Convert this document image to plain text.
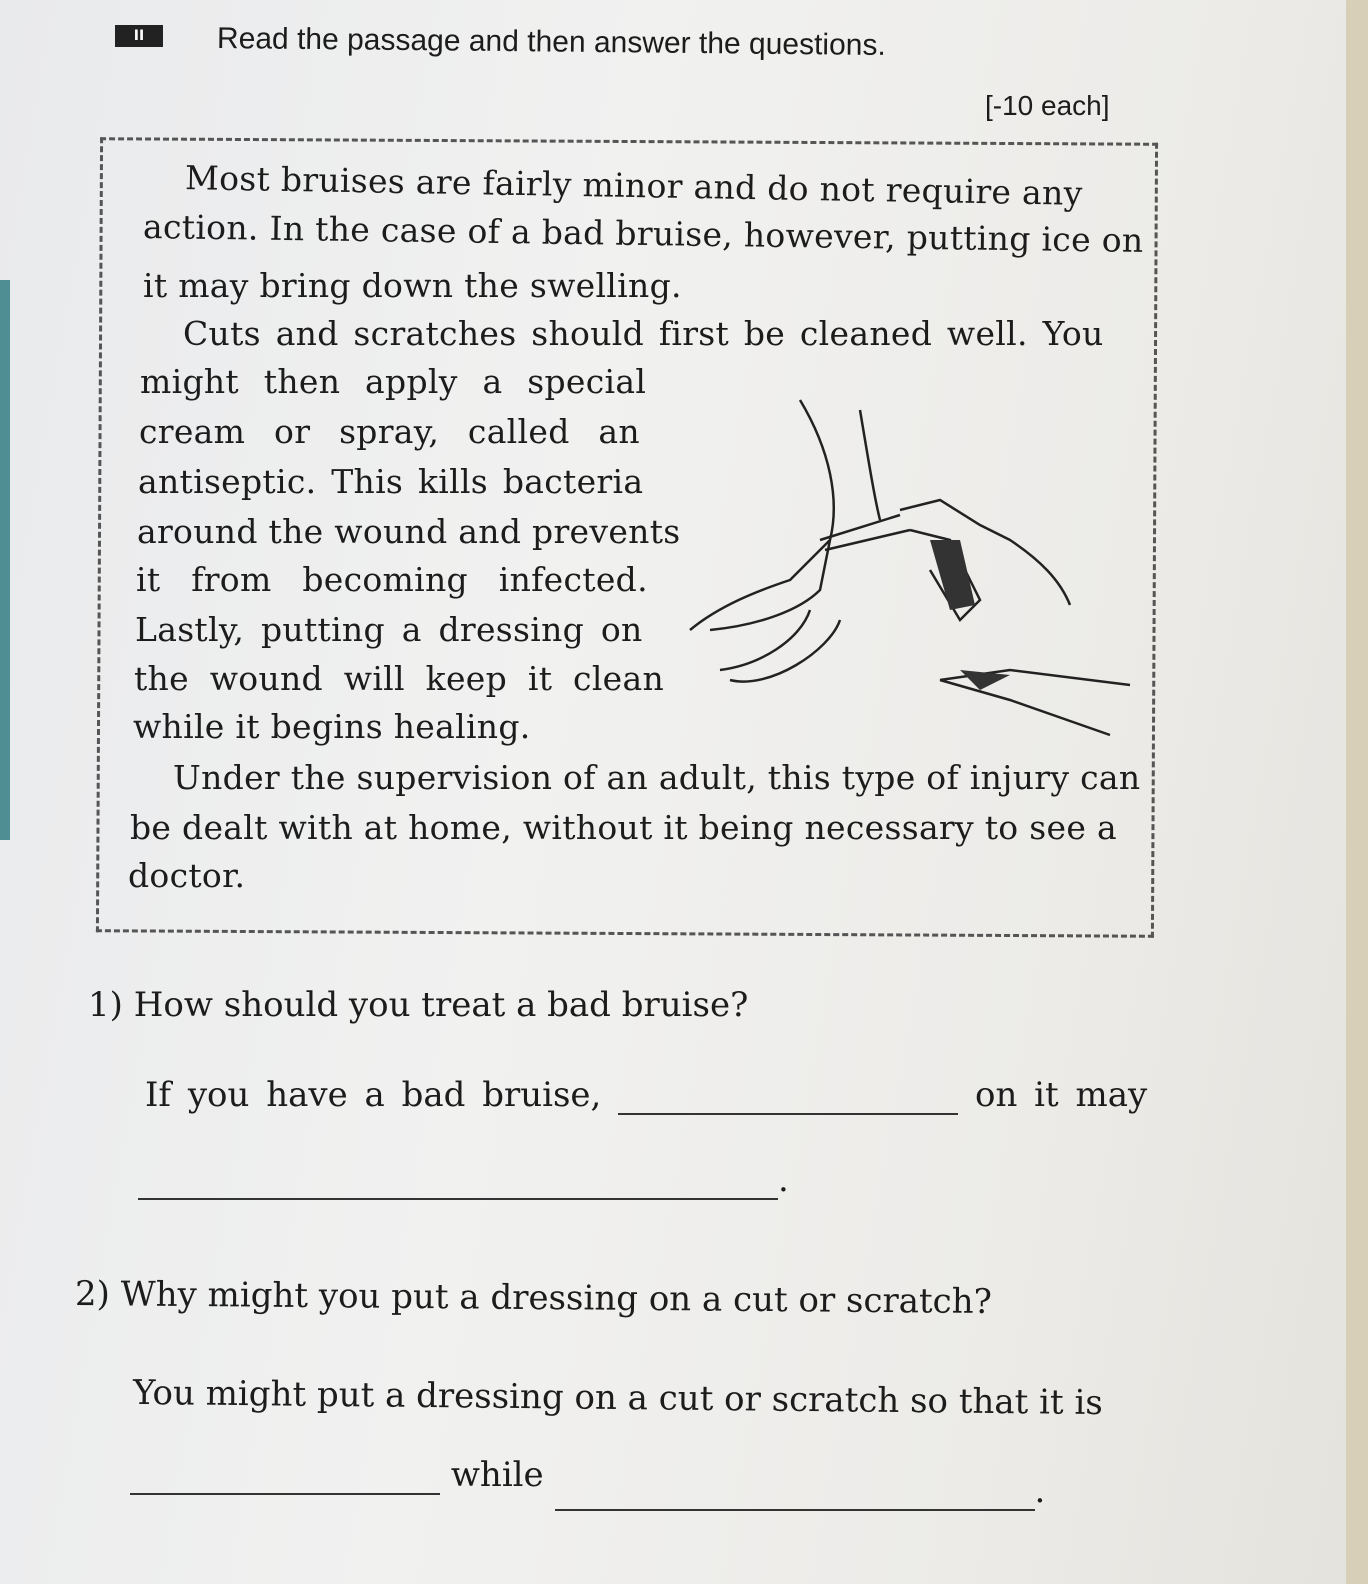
II	Read the passage and then answer the questions.
[-10 each]
Most bruises are fairly minor and do not require any
action. In the case of a bad bruise, however, putting ice on
it may bring down the swelling.
Cuts and scratches should first be cleaned well. You
might then apply a special
cream or spray, called an
antiseptic. This kills bacteria
around the wound and prevents
it from becoming infected.
Lastly, putting a dressing on
the wound will keep it clean
while it begins healing.
Under the supervision of an adult, this type of injury can
be dealt with at home, without it being necessary to see a
doctor.
1) How should you treat a bad bruise?
If you have a bad bruise,	on it may
.
2) Why might you put a dressing on a cut or scratch?
You might put a dressing on a cut or scratch so that it is
while	.
